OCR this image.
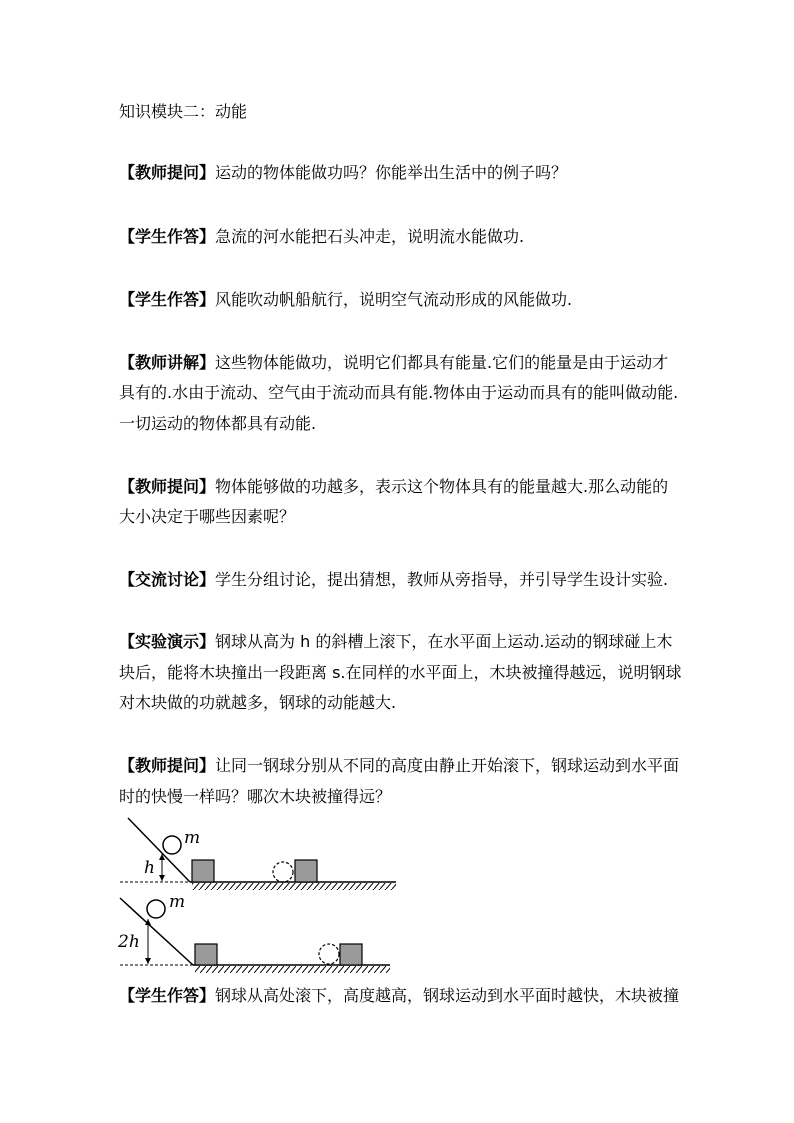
知识模块二：动能
【教师提问】运动的物体能做功吗？你能举出生活中的例子吗？
【学生作答】急流的河水能把石头冲走，说明流水能做功.
【学生作答】风能吹动帆船航行，说明空气流动形成的风能做功.
【教师讲解】这些物体能做功，说明它们都具有能量.它们的能量是由于运动才
具有的.水由于流动、空气由于流动而具有能.物体由于运动而具有的能叫做动能.
一切运动的物体都具有动能.
【教师提问】物体能够做的功越多，表示这个物体具有的能量越大.那么动能的
大小决定于哪些因素呢？
【交流讨论】学生分组讨论，提出猜想，教师从旁指导，并引导学生设计实验.
【实验演示】钢球从高为 h 的斜槽上滚下，在水平面上运动.运动的钢球碰上木
块后，能将木块撞出一段距离 s.在同样的水平面上，木块被撞得越远，说明钢球
对木块做的功就越多，钢球的动能越大.
【教师提问】让同一钢球分别从不同的高度由静止开始滚下，钢球运动到水平面
时的快慢一样吗？哪次木块被撞得远？
m
h
m
2h
【学生作答】钢球从高处滚下，高度越高，钢球运动到水平面时越快，木块被撞
